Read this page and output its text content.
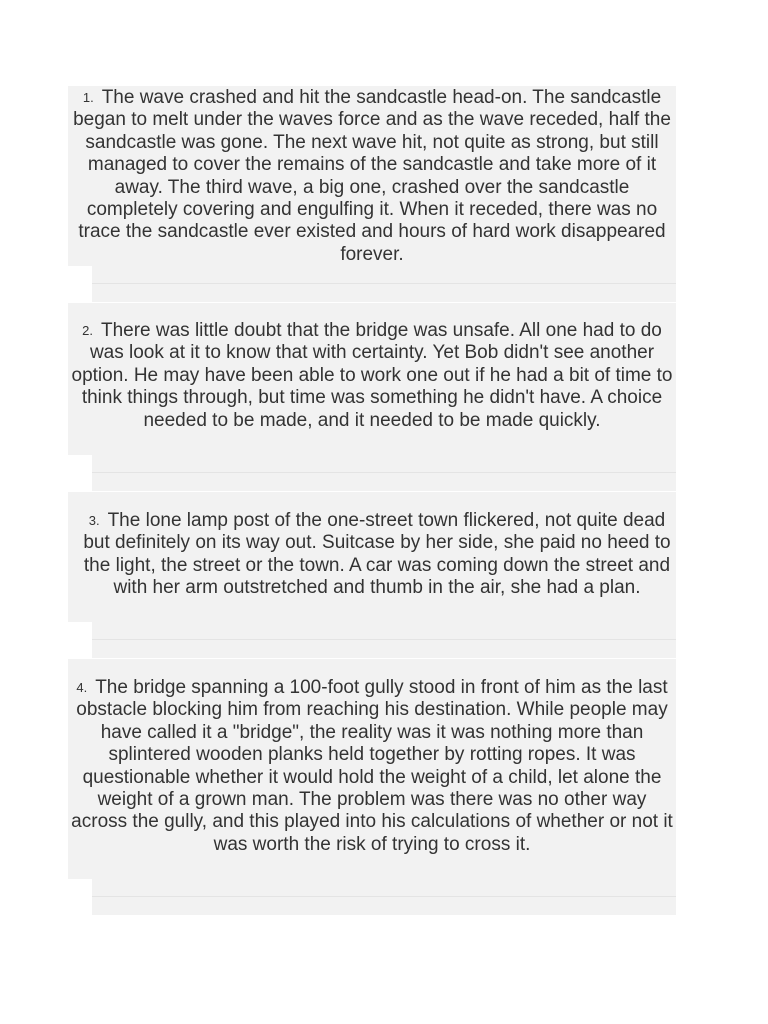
1. The wave crashed and hit the sandcastle head-on. The sandcastle began to melt under the waves force and as the wave receded, half the sandcastle was gone. The next wave hit, not quite as strong, but still managed to cover the remains of the sandcastle and take more of it away. The third wave, a big one, crashed over the sandcastle completely covering and engulfing it. When it receded, there was no trace the sandcastle ever existed and hours of hard work disappeared forever.

2. There was little doubt that the bridge was unsafe. All one had to do was look at it to know that with certainty. Yet Bob didn't see another option. He may have been able to work one out if he had a bit of time to think things through, but time was something he didn't have. A choice needed to be made, and it needed to be made quickly.

3. The lone lamp post of the one-street town flickered, not quite dead but definitely on its way out. Suitcase by her side, she paid no heed to the light, the street or the town. A car was coming down the street and with her arm outstretched and thumb in the air, she had a plan.

4. The bridge spanning a 100-foot gully stood in front of him as the last obstacle blocking him from reaching his destination. While people may have called it a "bridge", the reality was it was nothing more than splintered wooden planks held together by rotting ropes. It was questionable whether it would hold the weight of a child, let alone the weight of a grown man. The problem was there was no other way across the gully, and this played into his calculations of whether or not it was worth the risk of trying to cross it.
